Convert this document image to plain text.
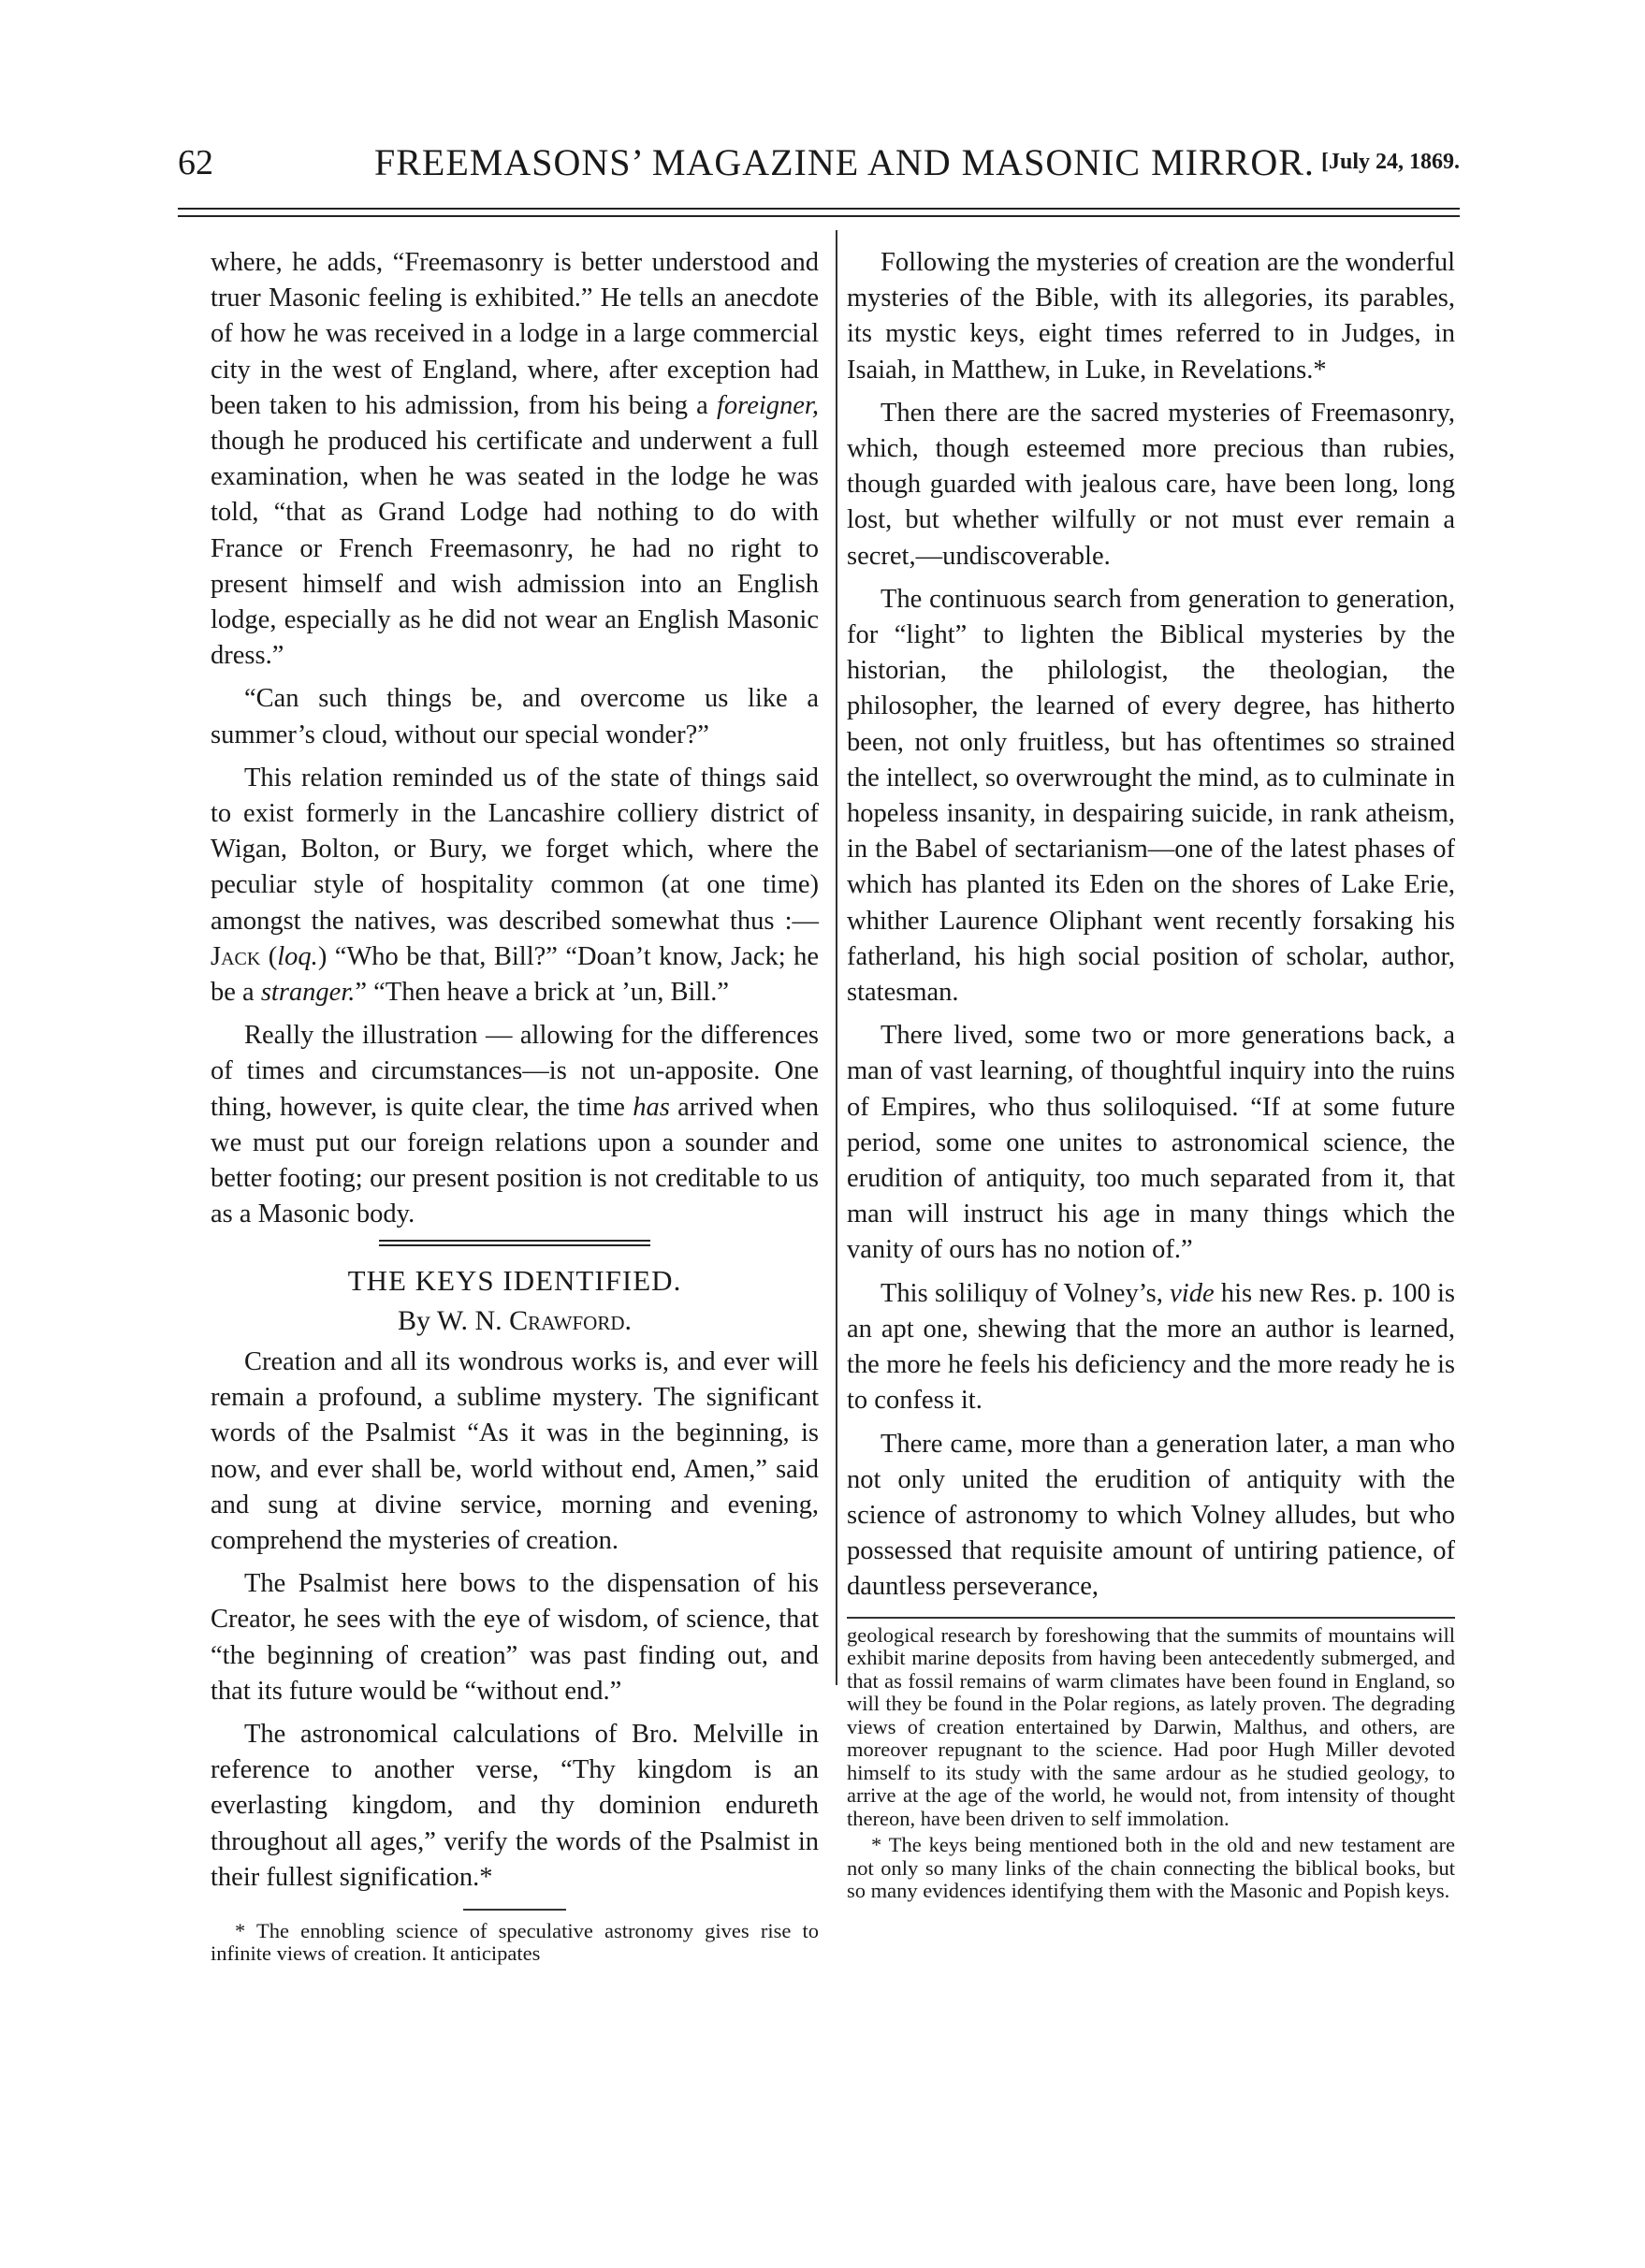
62	FREEMASONS’ MAGAZINE AND MASONIC MIRROR. [July 24, 1869.

where, he adds, “Freemasonry is better understood and truer Masonic feeling is exhibited.” He tells an anecdote of how he was received in a lodge in a large commercial city in the west of England, where, after exception had been taken to his admission, from his being a foreigner, though he produced his certificate and underwent a full examination, when he was seated in the lodge he was told, “that as Grand Lodge had nothing to do with France or French Freemasonry, he had no right to present himself and wish admission into an English lodge, especially as he did not wear an English Masonic dress.”

“Can such things be, and overcome us like a summer’s cloud, without our special wonder?”

This relation reminded us of the state of things said to exist formerly in the Lancashire colliery district of Wigan, Bolton, or Bury, we forget which, where the peculiar style of hospitality common (at one time) amongst the natives, was described somewhat thus :—Jack (loq.) “Who be that, Bill?” “Doan’t know, Jack; he be a stranger.” “Then heave a brick at ’un, Bill.”

Really the illustration — allowing for the differences of times and circumstances—is not un-apposite. One thing, however, is quite clear, the time has arrived when we must put our foreign relations upon a sounder and better footing; our present position is not creditable to us as a Masonic body.

THE KEYS IDENTIFIED.
By W. N. Crawford.

Creation and all its wondrous works is, and ever will remain a profound, a sublime mystery. The significant words of the Psalmist “As it was in the beginning, is now, and ever shall be, world without end, Amen,” said and sung at divine service, morning and evening, comprehend the mysteries of creation.

The Psalmist here bows to the dispensation of his Creator, he sees with the eye of wisdom, of science, that “the beginning of creation” was past finding out, and that its future would be “without end.”

The astronomical calculations of Bro. Melville in reference to another verse, “Thy kingdom is an everlasting kingdom, and thy dominion endureth throughout all ages,” verify the words of the Psalmist in their fullest signification.*

* The ennobling science of speculative astronomy gives rise to infinite views of creation. It anticipates

Following the mysteries of creation are the wonderful mysteries of the Bible, with its allegories, its parables, its mystic keys, eight times referred to in Judges, in Isaiah, in Matthew, in Luke, in Revelations.*

Then there are the sacred mysteries of Freemasonry, which, though esteemed more precious than rubies, though guarded with jealous care, have been long, long lost, but whether wilfully or not must ever remain a secret,—undiscoverable.

The continuous search from generation to generation, for “light” to lighten the Biblical mysteries by the historian, the philologist, the theologian, the philosopher, the learned of every degree, has hitherto been, not only fruitless, but has oftentimes so strained the intellect, so overwrought the mind, as to culminate in hopeless insanity, in despairing suicide, in rank atheism, in the Babel of sectarianism—one of the latest phases of which has planted its Eden on the shores of Lake Erie, whither Laurence Oliphant went recently forsaking his fatherland, his high social position of scholar, author, statesman.

There lived, some two or more generations back, a man of vast learning, of thoughtful inquiry into the ruins of Empires, who thus soliloquised. “If at some future period, some one unites to astronomical science, the erudition of antiquity, too much separated from it, that man will instruct his age in many things which the vanity of ours has no notion of.”

This soliliquy of Volney’s, vide his new Res. p. 100 is an apt one, shewing that the more an author is learned, the more he feels his deficiency and the more ready he is to confess it.

There came, more than a generation later, a man who not only united the erudition of antiquity with the science of astronomy to which Volney alludes, but who possessed that requisite amount of untiring patience, of dauntless perseverance,

geological research by foreshowing that the summits of mountains will exhibit marine deposits from having been antecedently submerged, and that as fossil remains of warm climates have been found in England, so will they be found in the Polar regions, as lately proven. The degrading views of creation entertained by Darwin, Malthus, and others, are moreover repugnant to the science. Had poor Hugh Miller devoted himself to its study with the same ardour as he studied geology, to arrive at the age of the world, he would not, from intensity of thought thereon, have been driven to self immolation.

* The keys being mentioned both in the old and new testament are not only so many links of the chain connecting the biblical books, but so many evidences identifying them with the Masonic and Popish keys.
